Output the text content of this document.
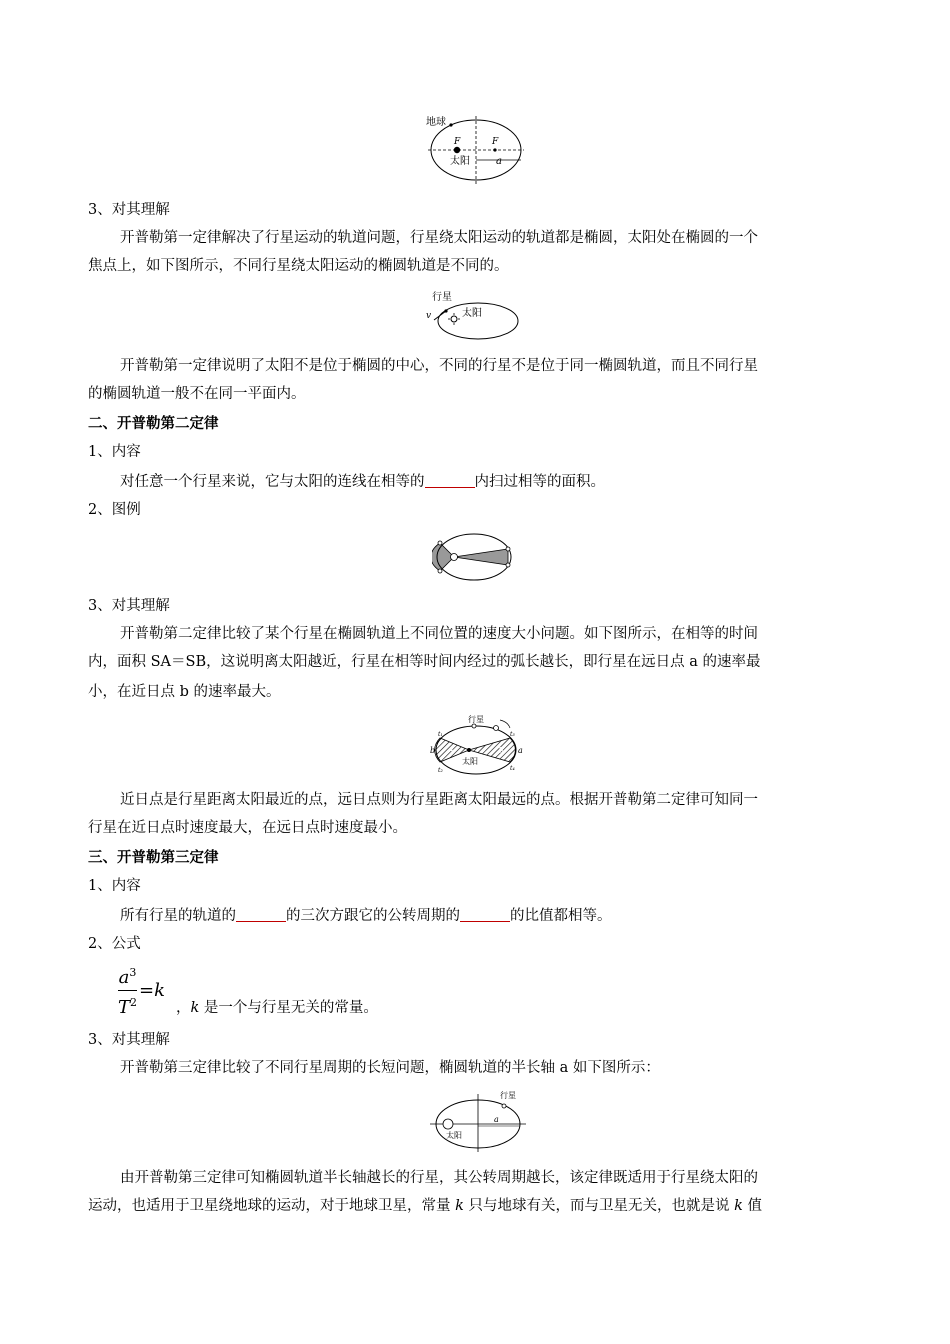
地球
F	F
太阳	a
3、对其理解
开普勒第一定律解决了行星运动的轨道问题，行星绕太阳运动的轨道都是椭圆，太阳处在椭圆的一个
焦点上，如下图所示，不同行星绕太阳运动的椭圆轨道是不同的。
行星
太阳
v
开普勒第一定律说明了太阳不是位于椭圆的中心，不同的行星不是位于同一椭圆轨道，而且不同行星
的椭圆轨道一般不在同一平面内。
二、开普勒第二定律
1、内容
对任意一个行星来说，它与太阳的连线在相等的	内扫过相等的面积。
2、图例
3、对其理解
开普勒第二定律比较了某个行星在椭圆轨道上不同位置的速度大小问题。如下图所示，在相等的时间
内，面积 SA＝SB，这说明离太阳越近，行星在相等时间内经过的弧长越长，即行星在远日点 a 的速率最
小，在近日点 b 的速率最大。
行星
太阳
a
b A	B
t₁
t₂
t₃
t₄
近日点是行星距离太阳最近的点，远日点则为行星距离太阳最远的点。根据开普勒第二定律可知同一
行星在近日点时速度最大，在远日点时速度最小。
三、开普勒第三定律
1、内容
所有行星的轨道的	的三次方跟它的公转周期的	的比值都相等。
2、公式
$\frac{a^3}{T^2} =k$
，k 是一个与行星无关的常量。
3、对其理解
开普勒第三定律比较了不同行星周期的长短问题，椭圆轨道的半长轴 a 如下图所示：
行星
太阳
a
由开普勒第三定律可知椭圆轨道半长轴越长的行星，其公转周期越长，该定律既适用于行星绕太阳的
运动，也适用于卫星绕地球的运动，对于地球卫星，常量 k 只与地球有关，而与卫星无关，也就是说 k 值
